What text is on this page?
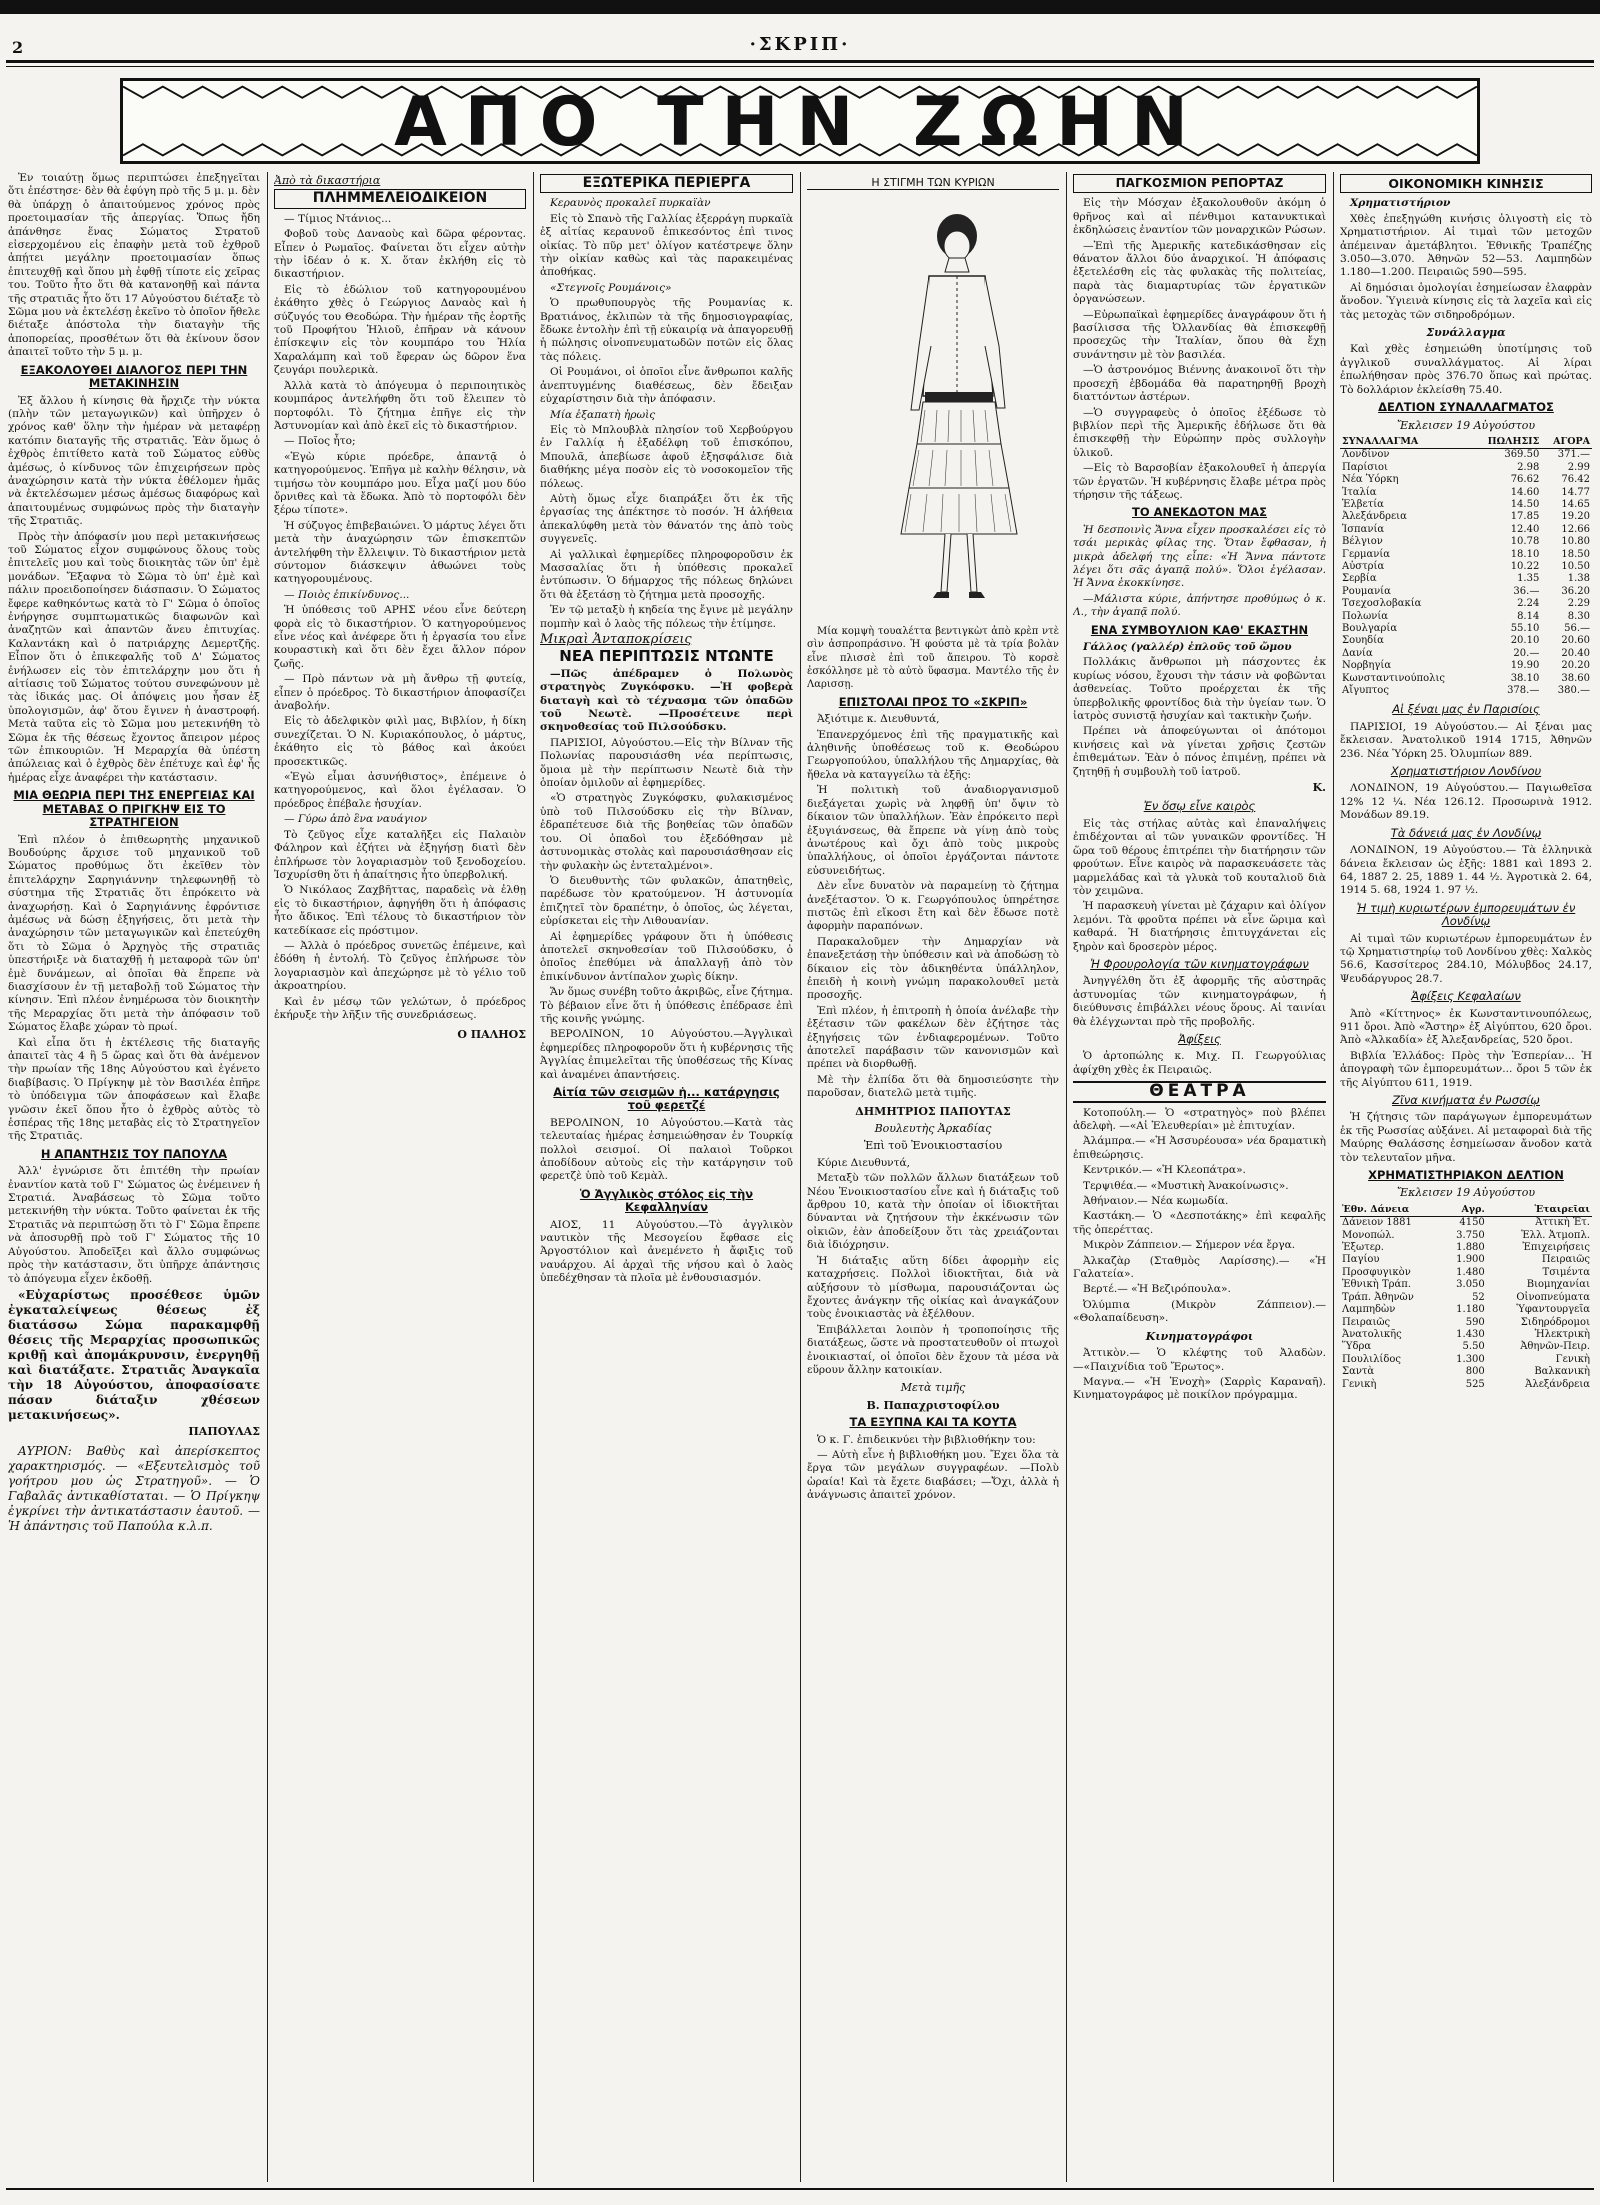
2	·ΣΚΡΙΠ·
ΑΠΟ ΤΗΝ ΖΩΗΝ

Ἐν τοιαύτῃ ὅμως περιπτώσει ἐπεξηγεῖται ὅτι ἐπέστησε· δὲν θὰ ἐφύγη πρὸ τῆς 5 μ. μ. δὲν θὰ ὑπάρχῃ ὁ ἀπαιτούμενος χρόνος πρὸς προετοιμασίαν τῆς ἀπεργίας. Ὅπως ἤδη ἀπάνθησε ἕνας Σώματος Στρατοῦ εἰσερχομένου εἰς ἐπαφὴν μετὰ τοῦ ἐχθροῦ ἀπῄτει μεγάλην προετοιμασίαν ὅπως ἐπιτευχθῇ καὶ ὅπου μὴ ἐφθῇ τίποτε εἰς χεῖρας του. Τοῦτο ἦτο ὅτι θὰ κατανοηθῇ καὶ πάντα τῆς στρατιᾶς ἦτο ὅτι 17 Αὐγούστου διέταξε τὸ Σῶμα μου νὰ ἐκτελέσῃ ἐκεῖνο τὸ ὁποῖον ἤθελε διέταξε ἀπόστολα τὴν διαταγὴν τῆς ἀποπορείας, προσθέτων ὅτι θὰ ἐκίνουν ὅσον ἀπαιτεῖ τοῦτο τὴν 5 μ. μ.

ΕΞΑΚΟΛΟΥΘΕΙ ΔΙΑΛΟΓΟΣ ΠΕΡΙ ΤΗΝ ΜΕΤΑΚΙΝΗΣΙΝ

Ἐξ ἄλλου ἡ κίνησις θὰ ἤρχιζε τὴν νύκτα (πλὴν τῶν μεταγωγικῶν) καὶ ὑπῆρχεν ὁ χρόνος καθ' ὅλην τὴν ἡμέραν νὰ μεταφέρῃ κατόπιν διαταγῆς τῆς στρατιᾶς. Ἐὰν ὅμως ὁ ἐχθρὸς ἐπιτίθετο κατὰ τοῦ Σώματος εὐθὺς ἀμέσως, ὁ κίνδυνος τῶν ἐπιχειρήσεων πρὸς ἀναχώρησιν κατὰ τὴν νύκτα ἐθέλομεν ἡμᾶς νὰ ἐκτελέσωμεν μέσως ἀμέσως διαφόρως καὶ ἀπαιτουμένως συμφώνως πρὸς τὴν διαταγὴν τῆς Στρατιᾶς.

Πρὸς τὴν ἀπόφασίν μου περὶ μετακινήσεως τοῦ Σώματος εἶχον συμφώνους ὅλους τοὺς ἐπιτελεῖς μου καὶ τοὺς διοικητὰς τῶν ὑπ' ἐμὲ μονάδων. Ἔξαφνα τὸ Σῶμα τὸ ὑπ' ἐμὲ καὶ πάλιν προειδοποίησεν διάσπασιν. Ὁ Σώματος ἔφερε καθηκόντως κατὰ τὸ Γ' Σῶμα ὁ ὁποῖος ἐνήργησε συμπτωματικῶς διαφωνῶν καὶ ἀναζητῶν καὶ ἀπαντῶν ἄνευ ἐπιτυχίας. Καλαντάκη καὶ ὁ πατριάρχης Δεμερτζῆς. Εἶπον ὅτι ὁ ἐπικεφαλῆς τοῦ Δ' Σώματος ἐνήλωσεν εἰς τὸν ἐπιτελάρχην μου ὅτι ἡ αἰτίασις τοῦ Σώματος τούτου συνεφώνουν μὲ τὰς ἰδικάς μας. Οἱ ἀπόψεις μου ἦσαν ἐξ ὑπολογισμῶν, ἀφ' ὅτου ἔγινεν ἡ ἀναστροφή. Μετὰ ταῦτα εἰς τὸ Σῶμα μου μετεκινήθη τὸ Σῶμα ἐκ τῆς θέσεως ἔχοντος ἄπειρον μέρος τῶν ἐπικουριῶν. Ἡ Μεραρχία θὰ ὑπέστη ἀπώλειας καὶ ὁ ἐχθρὸς δὲν ἐπέτυχε καὶ ἐφ' ἧς ἡμέρας εἶχε ἀναφέρει τὴν κατάστασιν.

ΜΙΑ ΘΕΩΡΙΑ ΠΕΡΙ ΤΗΣ ΕΝΕΡΓΕΙΑΣ ΚΑΙ ΜΕΤΑΒΑΣ Ο ΠΡΙΓΚΗΨ ΕΙΣ ΤΟ ΣΤΡΑΤΗΓΕΙΟΝ

Ἐπὶ πλέον ὁ ἐπιθεωρητὴς μηχανικοῦ Βουδούρης ἄρχισε τοῦ μηχανικοῦ τοῦ Σώματος προθύμως ὅτι ἐκεῖθεν τὸν ἐπιτελάρχην Σαρηγιάννην τηλεφωνηθῇ τὸ σύστημα τῆς Στρατιᾶς ὅτι ἐπρόκειτο νὰ ἀναχωρήσῃ. Καὶ ὁ Σαρηγιάννης ἐφρόντισε ἀμέσως νὰ δώσῃ ἐξηγήσεις, ὅτι μετὰ τὴν ἀναχώρησιν τῶν μεταγωγικῶν καὶ ἐπετεύχθη ὅτι τὸ Σῶμα ὁ Ἀρχηγὸς τῆς στρατιᾶς ὑπεστήριξε νὰ διαταχθῇ ἡ μεταφορὰ τῶν ὑπ' ἐμὲ δυνάμεων, αἱ ὁποῖαι θὰ ἔπρεπε νὰ διασχίσουν ἐν τῇ μεταβολῇ τοῦ Σώματος τὴν κίνησιν. Ἐπὶ πλέον ἐνημέρωσα τὸν διοικητὴν τῆς Μεραρχίας ὅτι μετὰ τὴν ἀπόφασιν τοῦ Σώματος ἔλαβε χώραν τὸ πρωί.

Καὶ εἶπα ὅτι ἡ ἐκτέλεσις τῆς διαταγῆς ἀπαιτεῖ τὰς 4 ἢ 5 ὥρας καὶ ὅτι θὰ ἀνέμενον τὴν πρωίαν τῆς 18ης Αὐγούστου καὶ ἐγένετο διαβίβασις. Ὁ Πρίγκηψ μὲ τὸν Βασιλέα ἐπῆρε τὸ ὑπόδειγμα τῶν ἀποφάσεων καὶ ἔλαβε γνῶσιν ἐκεῖ ὅπου ἦτο ὁ ἐχθρὸς αὐτὸς τὸ ἑσπέρας τῆς 18ης μεταβὰς εἰς τὸ Στρατηγεῖον τῆς Στρατιᾶς.

Η ΑΠΑΝΤΗΣΙΣ ΤΟΥ ΠΑΠΟΥΛΑ

Ἀλλ' ἐγνώρισε ὅτι ἐπιτέθη τὴν πρωίαν ἐναντίον κατὰ τοῦ Γ' Σώματος ὡς ἐνέμεινεν ἡ Στρατιά. Ἀναβάσεως τὸ Σῶμα τοῦτο μετεκινήθη τὴν νύκτα. Τοῦτο φαίνεται ἐκ τῆς Στρατιᾶς νὰ περιπτώσῃ ὅτι τὸ Γ' Σῶμα ἔπρεπε νὰ ἀποσυρθῇ πρὸ τοῦ Γ' Σώματος τῆς 10 Αὐγούστου. Ἀποδεῖξει καὶ ἄλλο συμφώνως πρὸς τὴν κατάστασιν, ὅτι ὑπῆρχε ἀπάντησις τὸ ἀπόγευμα εἶχεν ἐκδοθῇ.

«Εὐχαρίστως προσέθεσε ὑμῶν ἐγκαταλείψεως θέσεως ἐξ διατάσσω Σώμα παρακαμφθῇ θέσεις τῆς Μεραρχίας προσωπικῶς κριθῇ καὶ ἀπομάκρυνσιν, ἐνεργηθῇ καὶ διατάξατε. Στρατιᾶς Ἀναγκαῖα τὴν 18 Αὐγούστου, ἀποφασίσατε πάσαν διάταξιν χθέσεων μετακινήσεως».

ΠΑΠΟΥΛΑΣ

ΑΥΡΙΟΝ: Βαθὺς καὶ ἀπερίσκεπτος χαρακτηρισμός. — «Εξευτελισμὸς τοῦ γοήτρου μου ὡς Στρατηγοῦ». — Ὁ Γαβαλᾶς ἀντικαθίσταται. — Ὁ Πρίγκηψ ἐγκρίνει τὴν ἀντικατάστασιν ἑαυτοῦ. — Ἡ ἀπάντησις τοῦ Παπούλα κ.λ.π.

Ἀπὸ τὰ δικαστήρια
ΠΛΗΜΜΕΛΕΙΟΔΙΚΕΙΟΝ

— Τίμιος Ντάνιος...

Φοβοῦ τοὺς Δαναοὺς καὶ δῶρα φέροντας. Εἶπεν ὁ Ρωμαῖος. Φαίνεται ὅτι εἶχεν αὐτὴν τὴν ἰδέαν ὁ κ. Χ. ὅταν ἐκλήθη εἰς τὸ δικαστήριον.

Εἰς τὸ ἑδώλιον τοῦ κατηγορουμένου ἐκάθητο χθὲς ὁ Γεώργιος Δαναὸς καὶ ἡ σύζυγός του Θεοδώρα. Τὴν ἡμέραν τῆς ἑορτῆς τοῦ Προφήτου Ἠλιοῦ, ἐπῆραν νὰ κάνουν ἐπίσκεψιν εἰς τὸν κουμπάρο του Ἠλία Χαραλάμπη καὶ τοῦ ἔφεραν ὡς δῶρον ἕνα ζευγάρι πουλερικὰ.

Ἀλλὰ κατὰ τὸ ἀπόγευμα ὁ περιποιητικὸς κουμπάρος ἀντελήφθη ὅτι τοῦ ἔλειπεν τὸ πορτοφόλι. Τὸ ζήτημα ἐπῆγε εἰς τὴν Ἀστυνομίαν καὶ ἀπὸ ἐκεῖ εἰς τὸ δικαστήριον.

— Ποῖος ἦτο;

«Ἐγὼ κύριε πρόεδρε, ἀπαντᾷ ὁ κατηγορούμενος. Ἐπῆγα μὲ καλὴν θέλησιν, νὰ τιμήσω τὸν κουμπάρο μου. Εἶχα μαζί μου δύο ὄρνιθες καὶ τὰ ἔδωκα. Ἀπὸ τὸ πορτοφόλι δὲν ξέρω τίποτε».

Ἡ σύζυγος ἐπιβεβαιώνει. Ὁ μάρτυς λέγει ὅτι μετὰ τὴν ἀναχώρησιν τῶν ἐπισκεπτῶν ἀντελήφθη τὴν ἔλλειψιν. Τὸ δικαστήριον μετὰ σύντομον διάσκεψιν ἀθωώνει τοὺς κατηγορουμένους.

— Ποιὸς ἐπικίνδυνος...

Ἡ ὑπόθεσις τοῦ ΑΡΗΣ νέου εἶνε δεύτερη φορὰ εἰς τὸ δικαστήριον. Ὁ κατηγορούμενος εἶνε νέος καὶ ἀνέφερε ὅτι ἡ ἐργασία του εἶνε κουραστικὴ καὶ ὅτι δὲν ἔχει ἄλλον πόρον ζωῆς.

— Πρὸ πάντων νὰ μὴ ἄνθρω τῇ φυτείᾳ, εἶπεν ὁ πρόεδρος. Τὸ δικαστήριον ἀποφασίζει ἀναβολήν.

Εἰς τὸ ἀδελφικὸν φιλὶ μας, Βιβλίον, ἡ δίκη συνεχίζεται. Ὁ Ν. Κυριακόπουλος, ὁ μάρτυς, ἐκάθητο εἰς τὸ βάθος καὶ ἀκούει προσεκτικῶς.

«Ἐγὼ εἶμαι ἀσυνήθιστος», ἐπέμεινε ὁ κατηγορούμενος, καὶ ὅλοι ἐγέλασαν. Ὁ πρόεδρος ἐπέβαλε ἡσυχίαν.

— Γύρω ἀπὸ ἓνα ναυάγιον

Τὸ ζεῦγος εἶχε καταλῆξει εἰς Παλαιὸν Φάληρον καὶ ἐζήτει νὰ ἐξηγήσῃ διατὶ δὲν ἐπλήρωσε τὸν λογαριασμὸν τοῦ ξενοδοχείου. Ἰσχυρίσθη ὅτι ἡ ἀπαίτησις ἦτο ὑπερβολική.

Ὁ Νικόλαος Ζαχβῆττας, παραδεὶς νὰ ἐλθῃ εἰς τὸ δικαστήριον, ἀφηγήθη ὅτι ἡ ἀπόφασις ἦτο ἄδικος. Ἐπὶ τέλους τὸ δικαστήριον τὸν κατεδίκασε εἰς πρόστιμον.

— Ἀλλὰ ὁ πρόεδρος συνετῶς ἐπέμεινε, καὶ ἐδόθη ἡ ἐντολή. Τὸ ζεῦγος ἐπλήρωσε τὸν λογαριασμὸν καὶ ἀπεχώρησε μὲ τὸ γέλιο τοῦ ἀκροατηρίου.

Καὶ ἐν μέσῳ τῶν γελώτων, ὁ πρόεδρος ἐκήρυξε τὴν λῆξιν τῆς συνεδριάσεως.

Ο ΠΑΛΗΟΣ
ΕΞΩΤΕΡΙΚΑ ΠΕΡΙΕΡΓΑ

Κεραυνὸς προκαλεῖ πυρκαϊὰν

Εἰς τὸ Σπανὸ τῆς Γαλλίας ἐξερράγη πυρκαϊὰ ἐξ αἰτίας κεραυνοῦ ἐπικεσόντος ἐπὶ τινος οἰκίας. Τὸ πῦρ μετ' ὀλίγον κατέστρεψε ὅλην τὴν οἰκίαν καθὼς καὶ τὰς παρακειμένας ἀποθήκας.

«Στεγνοῖς Ρουμάνοις»

Ὁ πρωθυπουργὸς τῆς Ρουμανίας κ. Βρατιάνος, ἐκλιπὼν τὰ τῆς δημοσιογραφίας, ἔδωκε ἐντολὴν ἐπὶ τῇ εὐκαιρίᾳ νὰ ἀπαγορευθῇ ἡ πώλησις οἰνοπνευματωδῶν ποτῶν εἰς ὅλας τὰς πόλεις.

Οἱ Ρουμάνοι, οἱ ὁποῖοι εἶνε ἄνθρωποι καλῆς ἀνεπτυγμένης διαθέσεως, δὲν ἔδειξαν εὐχαρίστησιν διὰ τὴν ἀπόφασιν.

Μία ἐξαπατὴ ἡρωὶς

Εἰς τὸ Μπλουβλὰ πλησίον τοῦ Χερβούργου ἐν Γαλλίᾳ ἡ ἐξαδέλφη τοῦ ἐπισκόπου, Μπουλᾶ, ἀπεβίωσε ἀφοῦ ἐξησφάλισε διὰ διαθήκης μέγα ποσὸν εἰς τὸ νοσοκομεῖον τῆς πόλεως.

Αὐτὴ ὅμως εἶχε διαπράξει ὅτι ἐκ τῆς ἐργασίας της ἀπέκτησε τὸ ποσόν. Ἡ ἀλήθεια ἀπεκαλύφθη μετὰ τὸν θάνατόν της ἀπὸ τοὺς συγγενεῖς.

Αἱ γαλλικαὶ ἐφημερίδες πληροφοροῦσιν ἐκ Μασσαλίας ὅτι ἡ ὑπόθεσις προκαλεῖ ἐντύπωσιν. Ὁ δήμαρχος τῆς πόλεως δηλώνει ὅτι θὰ ἐξετάσῃ τὸ ζήτημα μετὰ προσοχῆς.

Ἐν τῷ μεταξὺ ἡ κηδεία της ἔγινε μὲ μεγάλην πομπὴν καὶ ὁ λαὸς τῆς πόλεως τὴν ἐτίμησε.

Μικραὶ Ἀνταποκρίσεις
ΝΕΑ ΠΕΡΙΠΤΩΣΙΣ ΝΤΩΝΤΕ

—Πῶς ἀπέδραμεν ὁ Πολωνὸς στρατηγὸς Ζυγκόφσκυ. —Ἡ φοβερὰ διαταγὴ καὶ τὸ τέχνασμα τῶν ὁπαδῶν τοῦ Νεωτὲ. —Προσέτεινε περὶ σκηνοθεσίας τοῦ Πιλσούδσκυ.

ΠΑΡΙΣΙΟΙ, Αὐγούστου.—Εἰς τὴν Βίλναν τῆς Πολωνίας παρουσιάσθη νέα περίπτωσις, ὅμοια μὲ τὴν περίπτωσιν Νεωτὲ διὰ τὴν ὁποίαν ὁμιλοῦν αἱ ἐφημερίδες.

«Ὁ στρατηγὸς Ζυγκόφσκυ, φυλακισμένος ὑπὸ τοῦ Πιλσούδσκυ εἰς τὴν Βίλναν, ἐδραπέτευσε διὰ τῆς βοηθείας τῶν ὀπαδῶν του. Οἱ ὀπαδοὶ του ἐξεδόθησαν μὲ ἀστυνομικὰς στολὰς καὶ παρουσιάσθησαν εἰς τὴν φυλακὴν ὡς ἐντεταλμένοι».

Ὁ διευθυντὴς τῶν φυλακῶν, ἀπατηθεὶς, παρέδωσε τὸν κρατούμενον. Ἡ ἀστυνομία ἐπιζητεῖ τὸν δραπέτην, ὁ ὁποῖος, ὡς λέγεται, εὑρίσκεται εἰς τὴν Λιθουανίαν.

Αἱ ἐφημερίδες γράφουν ὅτι ἡ ὑπόθεσις ἀποτελεῖ σκηνοθεσίαν τοῦ Πιλσούδσκυ, ὁ ὁποῖος ἐπεθύμει νὰ ἀπαλλαγῇ ἀπὸ τὸν ἐπικίνδυνον ἀντίπαλον χωρὶς δίκην.

Ἄν ὅμως συνέβη τοῦτο ἀκριβῶς, εἶνε ζήτημα. Τὸ βέβαιον εἶνε ὅτι ἡ ὑπόθεσις ἐπέδρασε ἐπὶ τῆς κοινῆς γνώμης.

ΒΕΡΟΛΙΝΟΝ, 10 Αὐγούστου.—Ἀγγλικαὶ ἐφημερίδες πληροφοροῦν ὅτι ἡ κυβέρνησις τῆς Ἀγγλίας ἐπιμελεῖται τῆς ὑποθέσεως τῆς Κίνας καὶ ἀναμένει ἀπαντήσεις.

Αἰτία τῶν σεισμῶν ἡ... κατάργησις τοῦ φερετζέ

ΒΕΡΟΛΙΝΟΝ, 10 Αὐγούστου.—Κατὰ τὰς τελευταίας ἡμέρας ἐσημειώθησαν ἐν Τουρκίᾳ πολλοὶ σεισμοί. Οἱ παλαιοὶ Τοῦρκοι ἀποδίδουν αὐτοὺς εἰς τὴν κατάργησιν τοῦ φερετζὲ ὑπὸ τοῦ Κεμὰλ.

Ὁ Ἀγγλικὸς στόλος εἰς τὴν Κεφαλληνίαν

ΑΙΟΣ, 11 Αὐγούστου.—Τὸ ἀγγλικὸν ναυτικὸν τῆς Μεσογείου ἔφθασε εἰς Ἀργοστόλιον καὶ ἀνεμένετο ἡ ἄφιξις τοῦ ναυάρχου. Αἱ ἀρχαὶ τῆς νήσου καὶ ὁ λαὸς ὑπεδέχθησαν τὰ πλοῖα μὲ ἐνθουσιασμόν.

Η ΣΤΙΓΜΗ ΤΩΝ ΚΥΡΙΩΝ

Μία κομψὴ τουαλέττα βεντιγκὼτ ἀπὸ κρὲπ ντὲ σὶν ἀσπροπράσινο. Ἡ φούστα μὲ τὰ τρία βολὰν εἶνε πλισσὲ ἐπὶ τοῦ ἄπειρου. Τὸ κορσὲ ἐσκόλλησε μὲ τὸ αὐτὸ ὕφασμα. Μαντέλο τῆς ἐν Λαρισσῃ.

ΕΠΙΣΤΟΛΑΙ ΠΡΟΣ ΤΟ «ΣΚΡΙΠ»

Ἀξιότιμε κ. Διευθυντά,

Ἐπανερχόμενος ἐπὶ τῆς πραγματικῆς καὶ ἀληθινῆς ὑποθέσεως τοῦ κ. Θεοδώρου Γεωργοπούλου, ὑπαλλήλου τῆς Δημαρχίας, θὰ ἤθελα νὰ καταγγείλω τὰ ἑξῆς:

Ἡ πολιτικὴ τοῦ ἀναδιοργανισμοῦ διεξάγεται χωρὶς νὰ ληφθῇ ὑπ' ὄψιν τὸ δίκαιον τῶν ὑπαλλήλων. Ἐὰν ἐπρόκειτο περὶ ἐξυγιάνσεως, θὰ ἔπρεπε νὰ γίνῃ ἀπὸ τοὺς ἀνωτέρους καὶ ὄχι ἀπὸ τοὺς μικροὺς ὑπαλλήλους, οἱ ὁποῖοι ἐργάζονται πάντοτε εὐσυνειδήτως.

Δὲν εἶνε δυνατὸν νὰ παραμείνῃ τὸ ζήτημα ἀνεξέταστον. Ὁ κ. Γεωργόπουλος ὑπηρέτησε πιστῶς ἐπὶ εἴκοσι ἔτη καὶ δὲν ἔδωσε ποτὲ ἀφορμὴν παραπόνων.

Παρακαλοῦμεν τὴν Δημαρχίαν νὰ ἐπανεξετάσῃ τὴν ὑπόθεσιν καὶ νὰ ἀποδώσῃ τὸ δίκαιον εἰς τὸν ἀδικηθέντα ὑπάλληλον, ἐπειδὴ ἡ κοινὴ γνώμη παρακολουθεῖ μετὰ προσοχῆς.

Ἐπὶ πλέον, ἡ ἐπιτροπὴ ἡ ὁποία ἀνέλαβε τὴν ἐξέτασιν τῶν φακέλων δὲν ἐζήτησε τὰς ἐξηγήσεις τῶν ἐνδιαφερομένων. Τοῦτο ἀποτελεῖ παράβασιν τῶν κανονισμῶν καὶ πρέπει νὰ διορθωθῇ.

Μὲ τὴν ἐλπίδα ὅτι θὰ δημοσιεύσητε τὴν παροῦσαν, διατελῶ μετὰ τιμῆς.

ΔΗΜΗΤΡΙΟΣ ΠΑΠΟΥΤΑΣ
Βουλευτὴς Ἀρκαδίας
Ἐπὶ τοῦ Ἐνοικιοστασίου

Κύριε Διευθυντά,

Μεταξὺ τῶν πολλῶν ἄλλων διατάξεων τοῦ Νέου Ἐνοικιοστασίου εἶνε καὶ ἡ διάταξις τοῦ ἄρθρου 10, κατὰ τὴν ὁποίαν οἱ ἰδιοκτῆται δύνανται νὰ ζητήσουν τὴν ἐκκένωσιν τῶν οἰκιῶν, ἐὰν ἀποδείξουν ὅτι τὰς χρειάζονται διὰ ἰδιόχρησιν.

Ἡ διάταξις αὕτη δίδει ἀφορμὴν εἰς καταχρήσεις. Πολλοὶ ἰδιοκτῆται, διὰ νὰ αὐξήσουν τὸ μίσθωμα, παρουσιάζονται ὡς ἔχοντες ἀνάγκην τῆς οἰκίας καὶ ἀναγκάζουν τοὺς ἐνοικιαστὰς νὰ ἐξέλθουν.

Ἐπιβάλλεται λοιπὸν ἡ τροποποίησις τῆς διατάξεως, ὥστε νὰ προστατευθοῦν οἱ πτωχοὶ ἐνοικιασταί, οἱ ὁποῖοι δὲν ἔχουν τὰ μέσα νὰ εὕρουν ἄλλην κατοικίαν.

Μετὰ τιμῆς
Β. Παπαχριστοφίλου
ΤΑ ΕΞΥΠΝΑ ΚΑΙ ΤΑ ΚΟΥΤΑ

Ὁ κ. Γ. ἐπιδεικνύει τὴν βιβλιοθήκην του:

— Αὐτὴ εἶνε ἡ βιβλιοθήκη μου. Ἔχει ὅλα τὰ ἔργα τῶν μεγάλων συγγραφέων. —Πολὺ ὡραία! Καὶ τὰ ἔχετε διαβάσει; —Ὄχι, ἀλλὰ ἡ ἀνάγνωσις ἀπαιτεῖ χρόνον.

ΠΑΓΚΟΣΜΙΟΝ ΡΕΠΟΡΤΑΖ

Εἰς τὴν Μόσχαν ἐξακολουθοῦν ἀκόμη ὁ θρῆνος καὶ αἱ πένθιμοι κατανυκτικαὶ ἐκδηλώσεις ἐναντίον τῶν μοναρχικῶν Ρώσων.

—Ἐπὶ τῆς Ἀμερικῆς κατεδικάσθησαν εἰς θάνατον ἄλλοι δύο ἀναρχικοί. Ἡ ἀπόφασις ἐξετελέσθη εἰς τὰς φυλακὰς τῆς πολιτείας, παρὰ τὰς διαμαρτυρίας τῶν ἐργατικῶν ὀργανώσεων.

—Εὐρωπαϊκαὶ ἐφημερίδες ἀναγράφουν ὅτι ἡ βασίλισσα τῆς Ὀλλανδίας θὰ ἐπισκεφθῇ προσεχῶς τὴν Ἰταλίαν, ὅπου θὰ ἔχῃ συνάντησιν μὲ τὸν βασιλέα.

—Ὁ ἀστρονόμος Βιέννης ἀνακοινοῖ ὅτι τὴν προσεχῆ ἑβδομάδα θὰ παρατηρηθῇ βροχὴ διαττόντων ἀστέρων.

—Ὁ συγγραφεὺς ὁ ὁποῖος ἐξέδωσε τὸ βιβλίον περὶ τῆς Ἀμερικῆς ἐδήλωσε ὅτι θὰ ἐπισκεφθῇ τὴν Εὐρώπην πρὸς συλλογὴν ὑλικοῦ.

—Εἰς τὸ Βαρσοβίαν ἐξακολουθεῖ ἡ ἀπεργία τῶν ἐργατῶν. Ἡ κυβέρνησις ἔλαβε μέτρα πρὸς τήρησιν τῆς τάξεως.

ΤΟ ΑΝΕΚΔΟΤΟΝ ΜΑΣ

Ἡ δεσποινὶς Ἄννα εἶχεν προσκαλέσει εἰς τὸ τσάι μερικὰς φίλας της. Ὅταν ἔφθασαν, ἡ μικρὰ ἀδελφή της εἶπε: «Ἡ Ἄννα πάντοτε λέγει ὅτι σᾶς ἀγαπᾷ πολύ». Ὅλοι ἐγέλασαν. Ἡ Ἄννα ἐκοκκίνησε.

—Μάλιστα κύριε, ἀπήντησε προθύμως ὁ κ. Λ., τὴν ἀγαπᾷ πολύ.

ΕΝΑ ΣΥΜΒΟΥΛΙΟΝ ΚΑΘ' ΕΚΑΣΤΗΝ

Γάλλος (γαλλέρ) ἐπλοῦς τοῦ ὤμου

Πολλάκις ἄνθρωποι μὴ πάσχοντες ἐκ κυρίως νόσου, ἔχουσι τὴν τάσιν νὰ φοβῶνται ἀσθενείας. Τοῦτο προέρχεται ἐκ τῆς ὑπερβολικῆς φροντίδος διὰ τὴν ὑγείαν των. Ὁ ἰατρὸς συνιστᾷ ἡσυχίαν καὶ τακτικὴν ζωήν.

Πρέπει νὰ ἀποφεύγωνται οἱ ἀπότομοι κινήσεις καὶ νὰ γίνεται χρῆσις ζεστῶν ἐπιθεμάτων. Ἐὰν ὁ πόνος ἐπιμένῃ, πρέπει νὰ ζητηθῇ ἡ συμβουλὴ τοῦ ἰατροῦ.

Κ.
Ἐν ὅσῳ εἶνε καιρὸς

Εἰς τὰς στήλας αὐτὰς καὶ ἐπαναλήψεις ἐπιδέχονται αἱ τῶν γυναικῶν φροντίδες. Ἡ ὥρα τοῦ θέρους ἐπιτρέπει τὴν διατήρησιν τῶν φρούτων. Εἶνε καιρὸς νὰ παρασκευάσετε τὰς μαρμελάδας καὶ τὰ γλυκὰ τοῦ κουταλιοῦ διὰ τὸν χειμῶνα.

Ἡ παρασκευὴ γίνεται μὲ ζάχαριν καὶ ὀλίγον λεμόνι. Τὰ φροῦτα πρέπει νὰ εἶνε ὥριμα καὶ καθαρά. Ἡ διατήρησις ἐπιτυγχάνεται εἰς ξηρὸν καὶ δροσερὸν μέρος.

Ἡ Φρουρολογία τῶν κινηματογράφων

Ἀνηγγέλθη ὅτι ἐξ ἀφορμῆς τῆς αὐστηρᾶς ἀστυνομίας τῶν κινηματογράφων, ἡ διεύθυνσις ἐπιβάλλει νέους ὅρους. Αἱ ταινίαι θὰ ἐλέγχωνται πρὸ τῆς προβολῆς.

Ἀφίξεις

Ὁ ἀρτοπώλης κ. Μιχ. Π. Γεωργούλιας ἀφίχθη χθὲς ἐκ Πειραιῶς.

ΘΕΑΤΡΑ

Κοτοπούλη.— Ὁ «στρατηγὸς» ποὺ βλέπει ἀδελφὴ. —«Αἱ Ἐλευθερίαι» μὲ ἐπιτυχίαν.

Ἀλάμπρα.— «Ἡ Ἀσσυρέουσα» νέα δραματικὴ ἐπιθεώρησις.

Κεντρικόν.— «Ἡ Κλεοπάτρα».

Τερψιθέα.— «Μυστικὴ Ἀνακοίνωσις».

Ἀθήναιον.— Νέα κωμωδία.

Καστάκη.— Ὁ «Δεσποτάκης» ἐπὶ κεφαλῆς τῆς ὀπερέττας.

Μικρὸν Ζάππειον.— Σήμερον νέα ἔργα.

Ἀλκαζὰρ (Σταθμὸς Λαρίσσης).— «Ἡ Γαλατεία».

Βερτέ.— «Ἡ Βεζιρόπουλα».

Ὀλύμπια (Μικρὸν Ζάππειον).— «Θολαπαίδευση».

Κινηματογράφοι

Ἀττικὸν.— Ὁ κλέφτης τοῦ Ἀλαδὼν. —«Παιχνίδια τοῦ Ἔρωτος».

Μαγνα.— «Ἡ Ἐνοχὴ» (Σαρρὶς Καραναῆ). Κινηματογράφος μὲ ποικίλον πρόγραμμα.

ΟΙΚΟΝΟΜΙΚΗ ΚΙΝΗΣΙΣ

Χρηματιστήριον

Χθὲς ἐπεξηγώθη κινήσις ὁλιγοστὴ εἰς τὸ Χρηματιστήριον. Αἱ τιμαὶ τῶν μετοχῶν ἀπέμειναν ἀμετάβλητοι. Ἐθνικῆς Τραπέζης 3.050—3.070. Ἀθηνῶν 52—53. Λαμπηδὼν 1.180—1.200. Πειραιῶς 590—595.

Αἱ δημόσιαι ὁμολογίαι ἐσημείωσαν ἐλαφρὰν ἄνοδον. Ὑγιεινὰ κίνησις εἰς τὰ λαχεῖα καὶ εἰς τὰς μετοχὰς τῶν σιδηροδρόμων.

Συνάλλαγμα

Καὶ χθὲς ἐσημειώθη ὑποτίμησις τοῦ ἀγγλικοῦ συναλλάγματος. Αἱ λίραι ἐπωλήθησαν πρὸς 376.70 ὅπως καὶ πρώτας. Τὸ δολλάριον ἐκλείσθη 75.40.

ΔΕΛΤΙΟΝ ΣΥΝΑΛΛΑΓΜΑΤΟΣ
Ἔκλεισεν 19 Αὐγούστου
ΣΥΝΑΛΛΑΓΜΑ	ΠΩΛΗΣΙΣ	ΑΓΟΡΑ
Λονδίνον	369.50	371.—
Παρίσιοι	2.98	2.99
Νέα Ὑόρκη	76.62	76.42
Ἰταλία	14.60	14.77
Ἑλβετία	14.50	14.65
Ἀλεξάνδρεια	17.85	19.20
Ἰσπανία	12.40	12.66
Βέλγιον	10.78	10.80
Γερμανία	18.10	18.50
Αὐστρία	10.22	10.50
Σερβία	1.35	1.38
Ρουμανία	36.—	36.20
Τσεχοσλοβακία	2.24	2.29
Πολωνία	8.14	8.30
Βουλγαρία	55.10	56.—
Σουηδία	20.10	20.60
Δανία	20.—	20.40
Νορβηγία	19.90	20.20
Κωνσταντινούπολις	38.10	38.60
Αἴγυπτος	378.—	380.—
Αἱ ξέναι μας ἐν Παρισίοις

ΠΑΡΙΣΙΟΙ, 19 Αὐγούστου.— Αἱ ξέναι μας ἔκλεισαν. Ἀνατολικοῦ 1914 1715, Ἀθηνῶν 236. Νέα Ὑόρκη 25. Ὀλυμπίων 889.

Χρηματιστήριον Λονδίνου

ΛΟΝΔΙΝΟΝ, 19 Αὐγούστου.— Παγιωθεῖσα 12% 12 ¼. Νέα 126.12. Προσωρινὰ 1912. Μονάδων 89.19.

Τὰ δάνειά μας ἐν Λονδίνῳ

ΛΟΝΔΙΝΟΝ, 19 Αὐγούστου.— Τὰ ἑλληνικὰ δάνεια ἔκλεισαν ὡς ἑξῆς: 1881 καὶ 1893 2. 64, 1887 2. 25, 1889 1. 44 ½. Ἀγροτικὰ 2. 64, 1914 5. 68, 1924 1. 97 ½.

Ἡ τιμὴ κυριωτέρων ἐμπορευμάτων ἐν Λονδίνῳ

Αἱ τιμαὶ τῶν κυριωτέρων ἐμπορευμάτων ἐν τῷ Χρηματιστηρίῳ τοῦ Λονδίνου χθὲς: Χαλκὸς 56.6, Κασσίτερος 284.10, Μόλυβδος 24.17, Ψευδάργυρος 28.7.

Ἀφίξεις Κεφαλαίων

Ἀπὸ «Κίττηνος» ἐκ Κωνσταντινουπόλεως, 911 ὄροι. Ἀπὸ «Ἄστηρ» ἐξ Αἰγύπτου, 620 ὄροι. Ἀπὸ «Ἀλκαδία» ἐξ Ἀλεξανδρείας, 520 ὄροι.

Βιβλία Ἑλλάδος: Πρὸς τὴν Ἑσπερίαν... Ἡ ἀπογραφὴ τῶν ἐμπορευμάτων... ὄροι 5 τῶν ἐκ τῆς Αἰγύπτου 611, 1919.

Ζῖνα κινήματα ἐν Ρωσσίῳ

Ἡ ζήτησις τῶν παράγωγων ἐμπορευμάτων ἐκ τῆς Ρωσσίας αὐξάνει. Αἱ μεταφοραὶ διὰ τῆς Μαύρης Θαλάσσης ἐσημείωσαν ἄνοδον κατὰ τὸν τελευταῖον μῆνα.

ΧΡΗΜΑΤΙΣΤΗΡΙΑΚΟΝ ΔΕΛΤΙΟΝ
Ἔκλεισεν 19 Αὐγούστου
Ἐθν. Δάνεια	Αγρ.	Ἑταιρεῖαι
Δάνειον 1881	4150	Ἀττικὴ Ἑτ.
Μονοπώλ.	3.750	Ἑλλ. Ἀτμοπλ.
Ἐξωτερ.	1.880	Ἐπιχειρήσεις
Παγίου	1.900	Πειραιῶς
Προσφυγικὸν	1.480	Τσιμέντα
Ἐθνικὴ Τράπ.	3.050	Βιομηχανίαι
Τράπ. Ἀθηνῶν	52	Οἰνοπνεύματα
Λαμπηδὼν	1.180	Ὑφαντουργεῖα
Πειραιῶς	590	Σιδηρόδρομοι
Ἀνατολικῆς	1.430	Ἠλεκτρικὴ
Ὕδρα	5.50	Ἀθηνῶν-Πειρ.
Πουλιλίδος	1.300	Γενικὴ
Σαντὰ	800	Βαλκανικὴ
Γενικὴ	525	Ἀλεξάνδρεια
